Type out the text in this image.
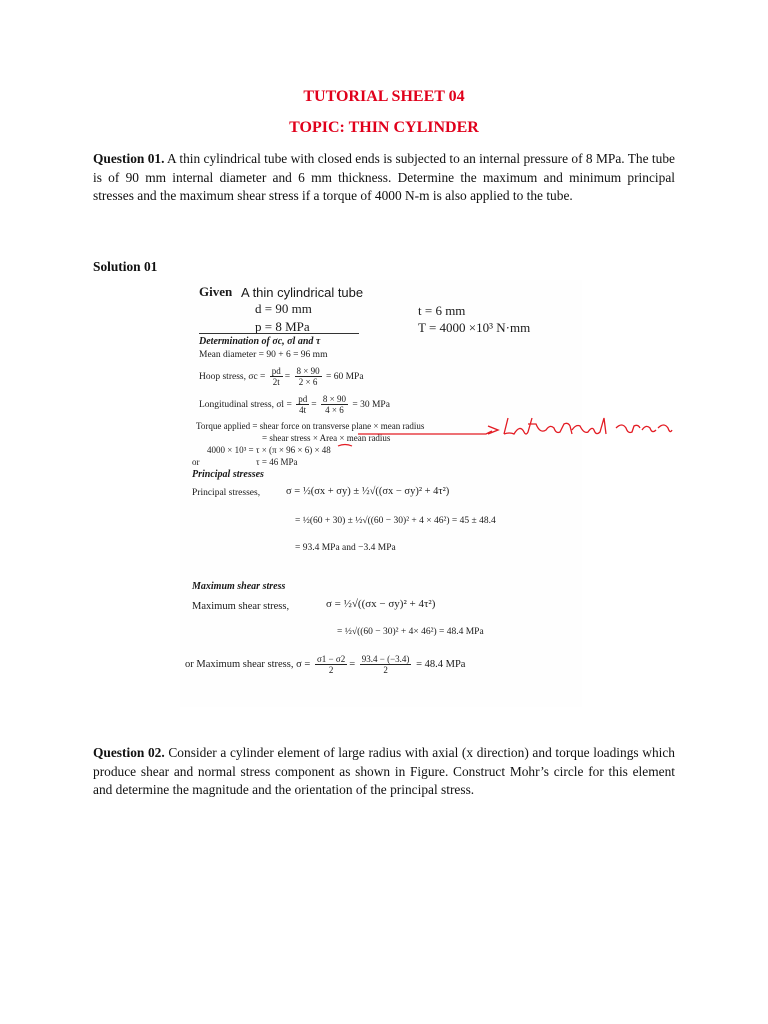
TUTORIAL SHEET 04
TOPIC: THIN CYLINDER
Question 01. A thin cylindrical tube with closed ends is subjected to an internal pressure of 8 MPa. The tube is of 90 mm internal diameter and 6 mm thickness. Determine the maximum and minimum principal stresses and the maximum shear stress if a torque of 4000 N-m is also applied to the tube.
Solution 01
Given A thin cylindrical tube
d = 90 mm	t = 6 mm
p = 8 MPa	T = 4000 ×10³ N·mm
Determination of σc, σl and τ
Mean diameter = 90 + 6 = 96 mm
Hoop stress, $\sigma c = \frac{pd}{2t} = \frac{8 \times 90}{2 \times 6} = 60$ MPa
Longitudinal stress, $\sigma l = \frac{pd}{4t} = \frac{8 \times 90}{4 \times 6} = 30$ MPa
Torque applied = shear force on transverse plane × mean radius
= shear stress × Area × mean radius
4000 × 10³ = τ × (π × 96 × 6) × 48
or	τ = 46 MPa
Principal stresses
Principal stresses, σ = ½(σx + σy) ± ½√((σx − σy)² + 4τ²)
= ½(60 + 30) ± ½√((60 − 30)² + 4 × 46²) = 45 ± 48.4
= 93.4 MPa and −3.4 MPa
Maximum shear stress
Maximum shear stress,	σ = ½√((σx − σy)² + 4τ²)
= ½√((60 − 30)² + 4× 46²) = 48.4 MPa
or Maximum shear stress, $\sigma = \frac{\sigma 1 - \sigma 2}{2} = \frac{93.4 - (-3.4)}{2} = 48.4$ MPa
Question 02. Consider a cylinder element of large radius with axial (x direction) and torque loadings which produce shear and normal stress component as shown in Figure. Construct Mohr’s circle for this element and determine the magnitude and the orientation of the principal stress.
